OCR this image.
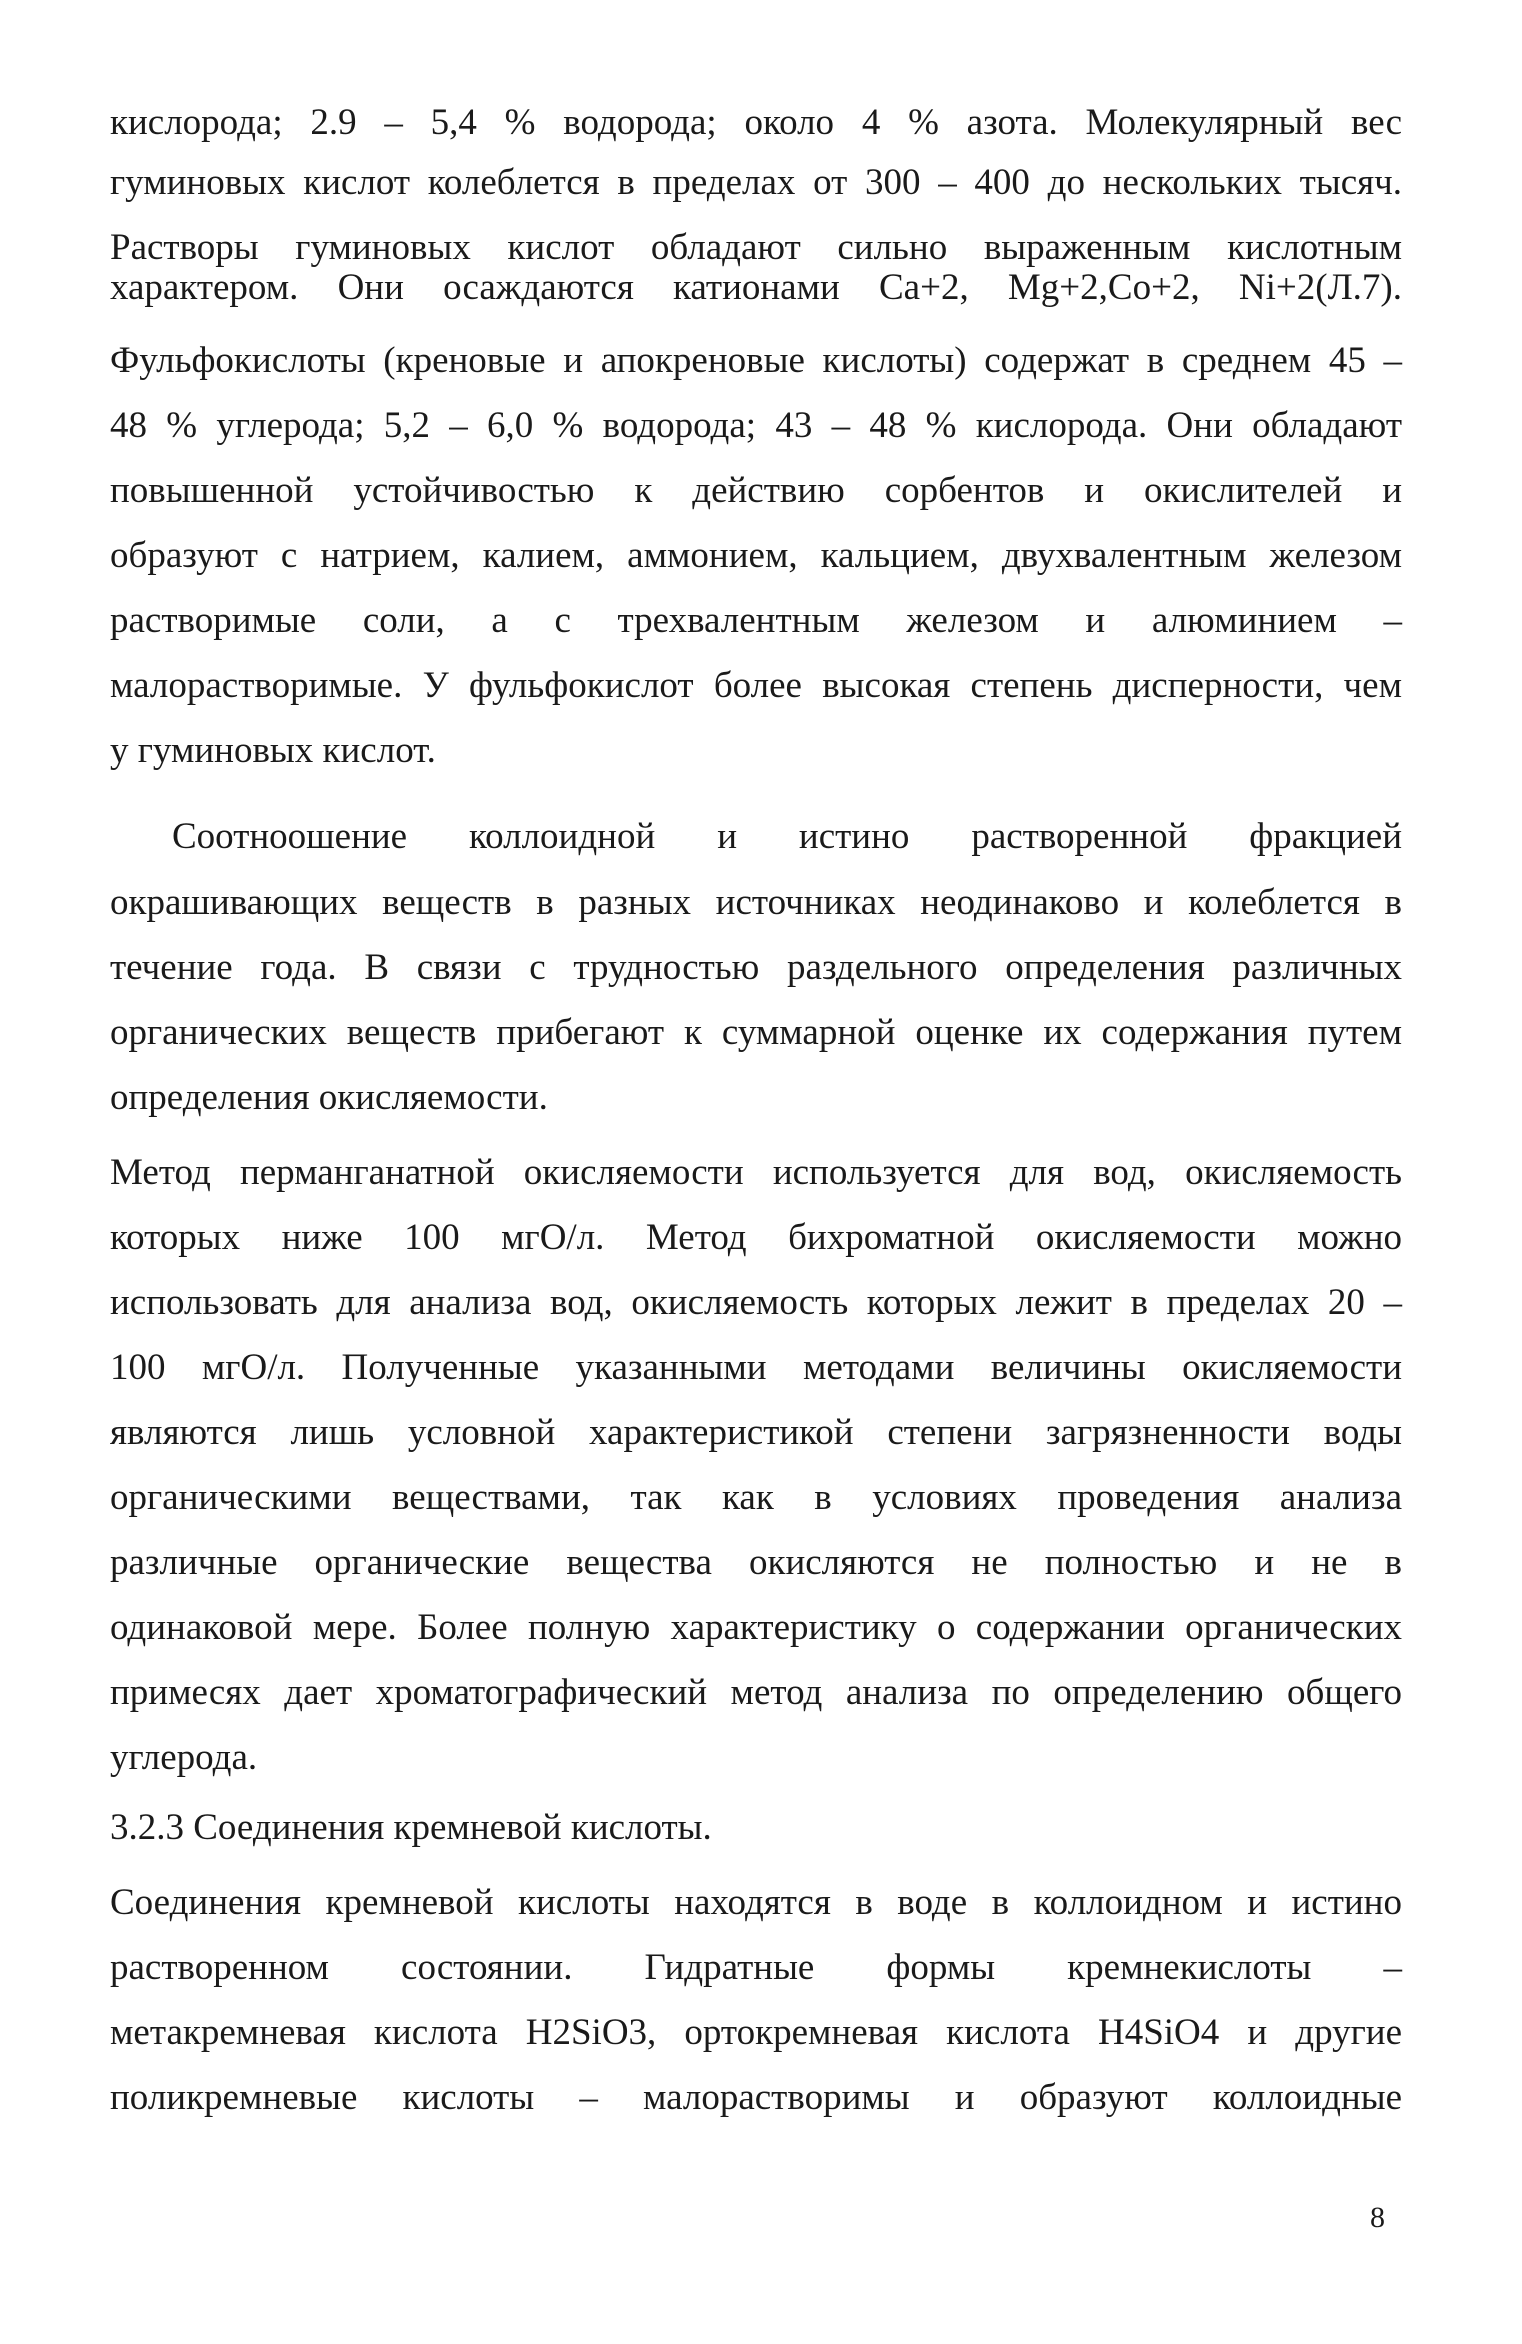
кислорода; 2.9 – 5,4 % водорода; около 4 % азота. Молекулярный вес
гуминовых кислот колеблется в пределах от 300 – 400 до нескольких тысяч.
Растворы гуминовых кислот обладают сильно выраженным кислотным
характером. Они осаждаются катионами Ca+2, Mg+2,Co+2, Ni+2(Л.7).
Фульфокислоты (креновые и апокреновые кислоты) содержат в среднем 45 –
48 % углерода; 5,2 – 6,0 % водорода; 43 – 48 % кислорода. Они обладают
повышенной устойчивостью к действию сорбентов и окислителей и
образуют с натрием, калием, аммонием, кальцием, двухвалентным железом
растворимые соли, а с трехвалентным железом и алюминием –
малорастворимые. У фульфокислот более высокая степень дисперности, чем
у гуминовых кислот.
Соотноошение коллоидной и истино растворенной фракцией
окрашивающих веществ в разных источниках неодинаково и колеблется в
течение года. В связи с трудностью раздельного определения различных
органических веществ прибегают к суммарной оценке их содержания путем
определения окисляемости.
Метод перманганатной окисляемости используется для вод, окисляемость
которых ниже 100 мгО/л. Метод бихроматной окисляемости можно
использовать для анализа вод, окисляемость которых лежит в пределах 20 –
100 мгО/л. Полученные указанными методами величины окисляемости
являются лишь условной характеристикой степени загрязненности воды
органическими веществами, так как в условиях проведения анализа
различные органические вещества окисляются не полностью и не в
одинаковой мере. Более полную характеристику о содержании органических
примесях дает хроматографический метод анализа по определению общего
углерода.
3.2.3 Соединения кремневой кислоты.
Соединения кремневой кислоты находятся в воде в коллоидном и истино
растворенном состоянии. Гидратные формы кремнекислоты –
метакремневая кислота H2SiO3, ортокремневая кислота H4SiO4 и другие
поликремневые кислоты – малорастворимы и образуют коллоидные
8
